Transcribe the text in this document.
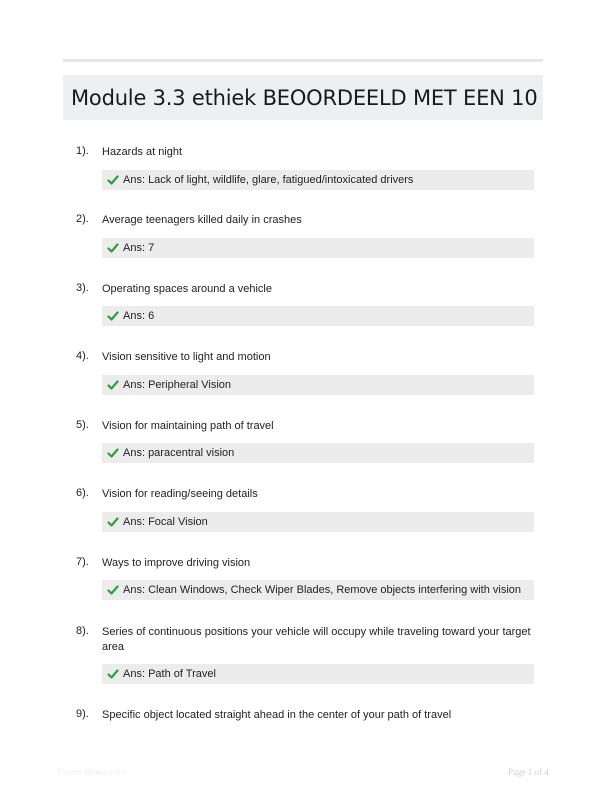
Module 3.3 ethiek BEOORDEELD MET EEN 10
1). Hazards at night
Ans: Lack of light, wildlife, glare, fatigued/intoxicated drivers
2). Average teenagers killed daily in crashes
Ans: 7
3). Operating spaces around a vehicle
Ans: 6
4). Vision sensitive to light and motion
Ans: Peripheral Vision
5). Vision for maintaining path of travel
Ans: paracentral vision
6). Vision for reading/seeing details
Ans: Focal Vision
7). Ways to improve driving vision
Ans: Clean Windows, Check Wiper Blades, Remove objects interfering with vision
8). Series of continuous positions your vehicle will occupy while traveling toward your target area
Ans: Path of Travel
9). Specific object located straight ahead in the center of your path of travel
Paper Biblio.com	Page 1 of 4
